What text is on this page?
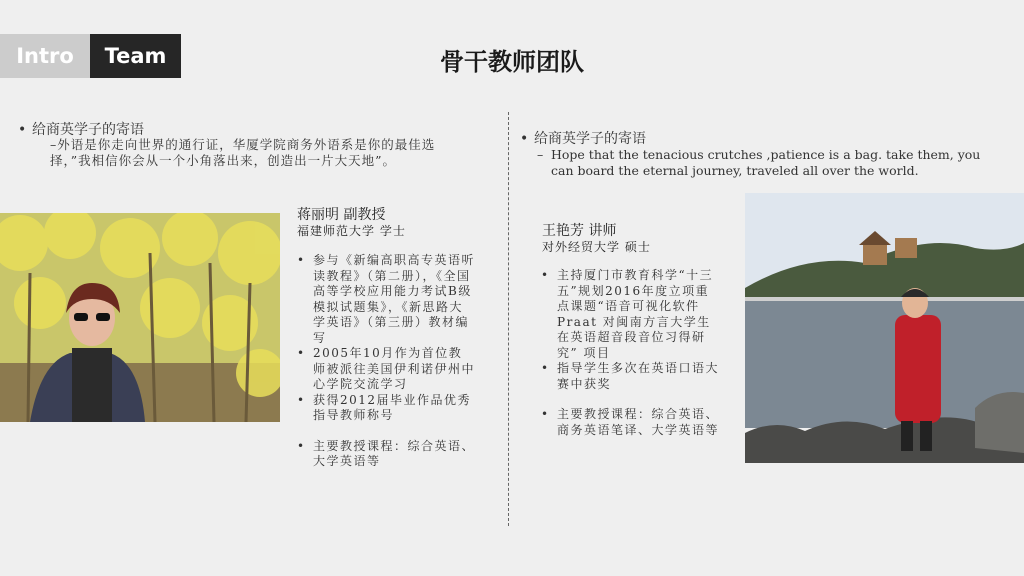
Intro	Team	骨干教师团队
• 给商英学子的寄语
–外语是你走向世界的通行证，华厦学院商务外语系是你的最佳选择，”我相信你会从一个小角落出来，创造出一片大天地”。
蒋丽明 副教授
福建师范大学 学士
• 参与《新编高职高专英语听读教程》（第二册），《全国高等学校应用能力考试B级模拟试题集》，《新思路大学英语》（第三册）教材编写
• 2005年10月作为首位教师被派往美国伊利诺伊州中心学院交流学习
• 获得2012届毕业作品优秀指导教师称号
• 主要教授课程：综合英语、大学英语等
• 给商英学子的寄语
– Hope that the tenacious crutches ,patience is a bag. take them, you can board the eternal journey, traveled all over the world.
王艳芳 讲师
对外经贸大学 硕士
• 主持厦门市教育科学“十三五”规划2016年度立项重点课题“语音可视化软件Praat 对闽南方言大学生在英语超音段音位习得研究” 项目
• 指导学生多次在英语口语大赛中获奖
• 主要教授课程：综合英语、商务英语笔译、大学英语等
